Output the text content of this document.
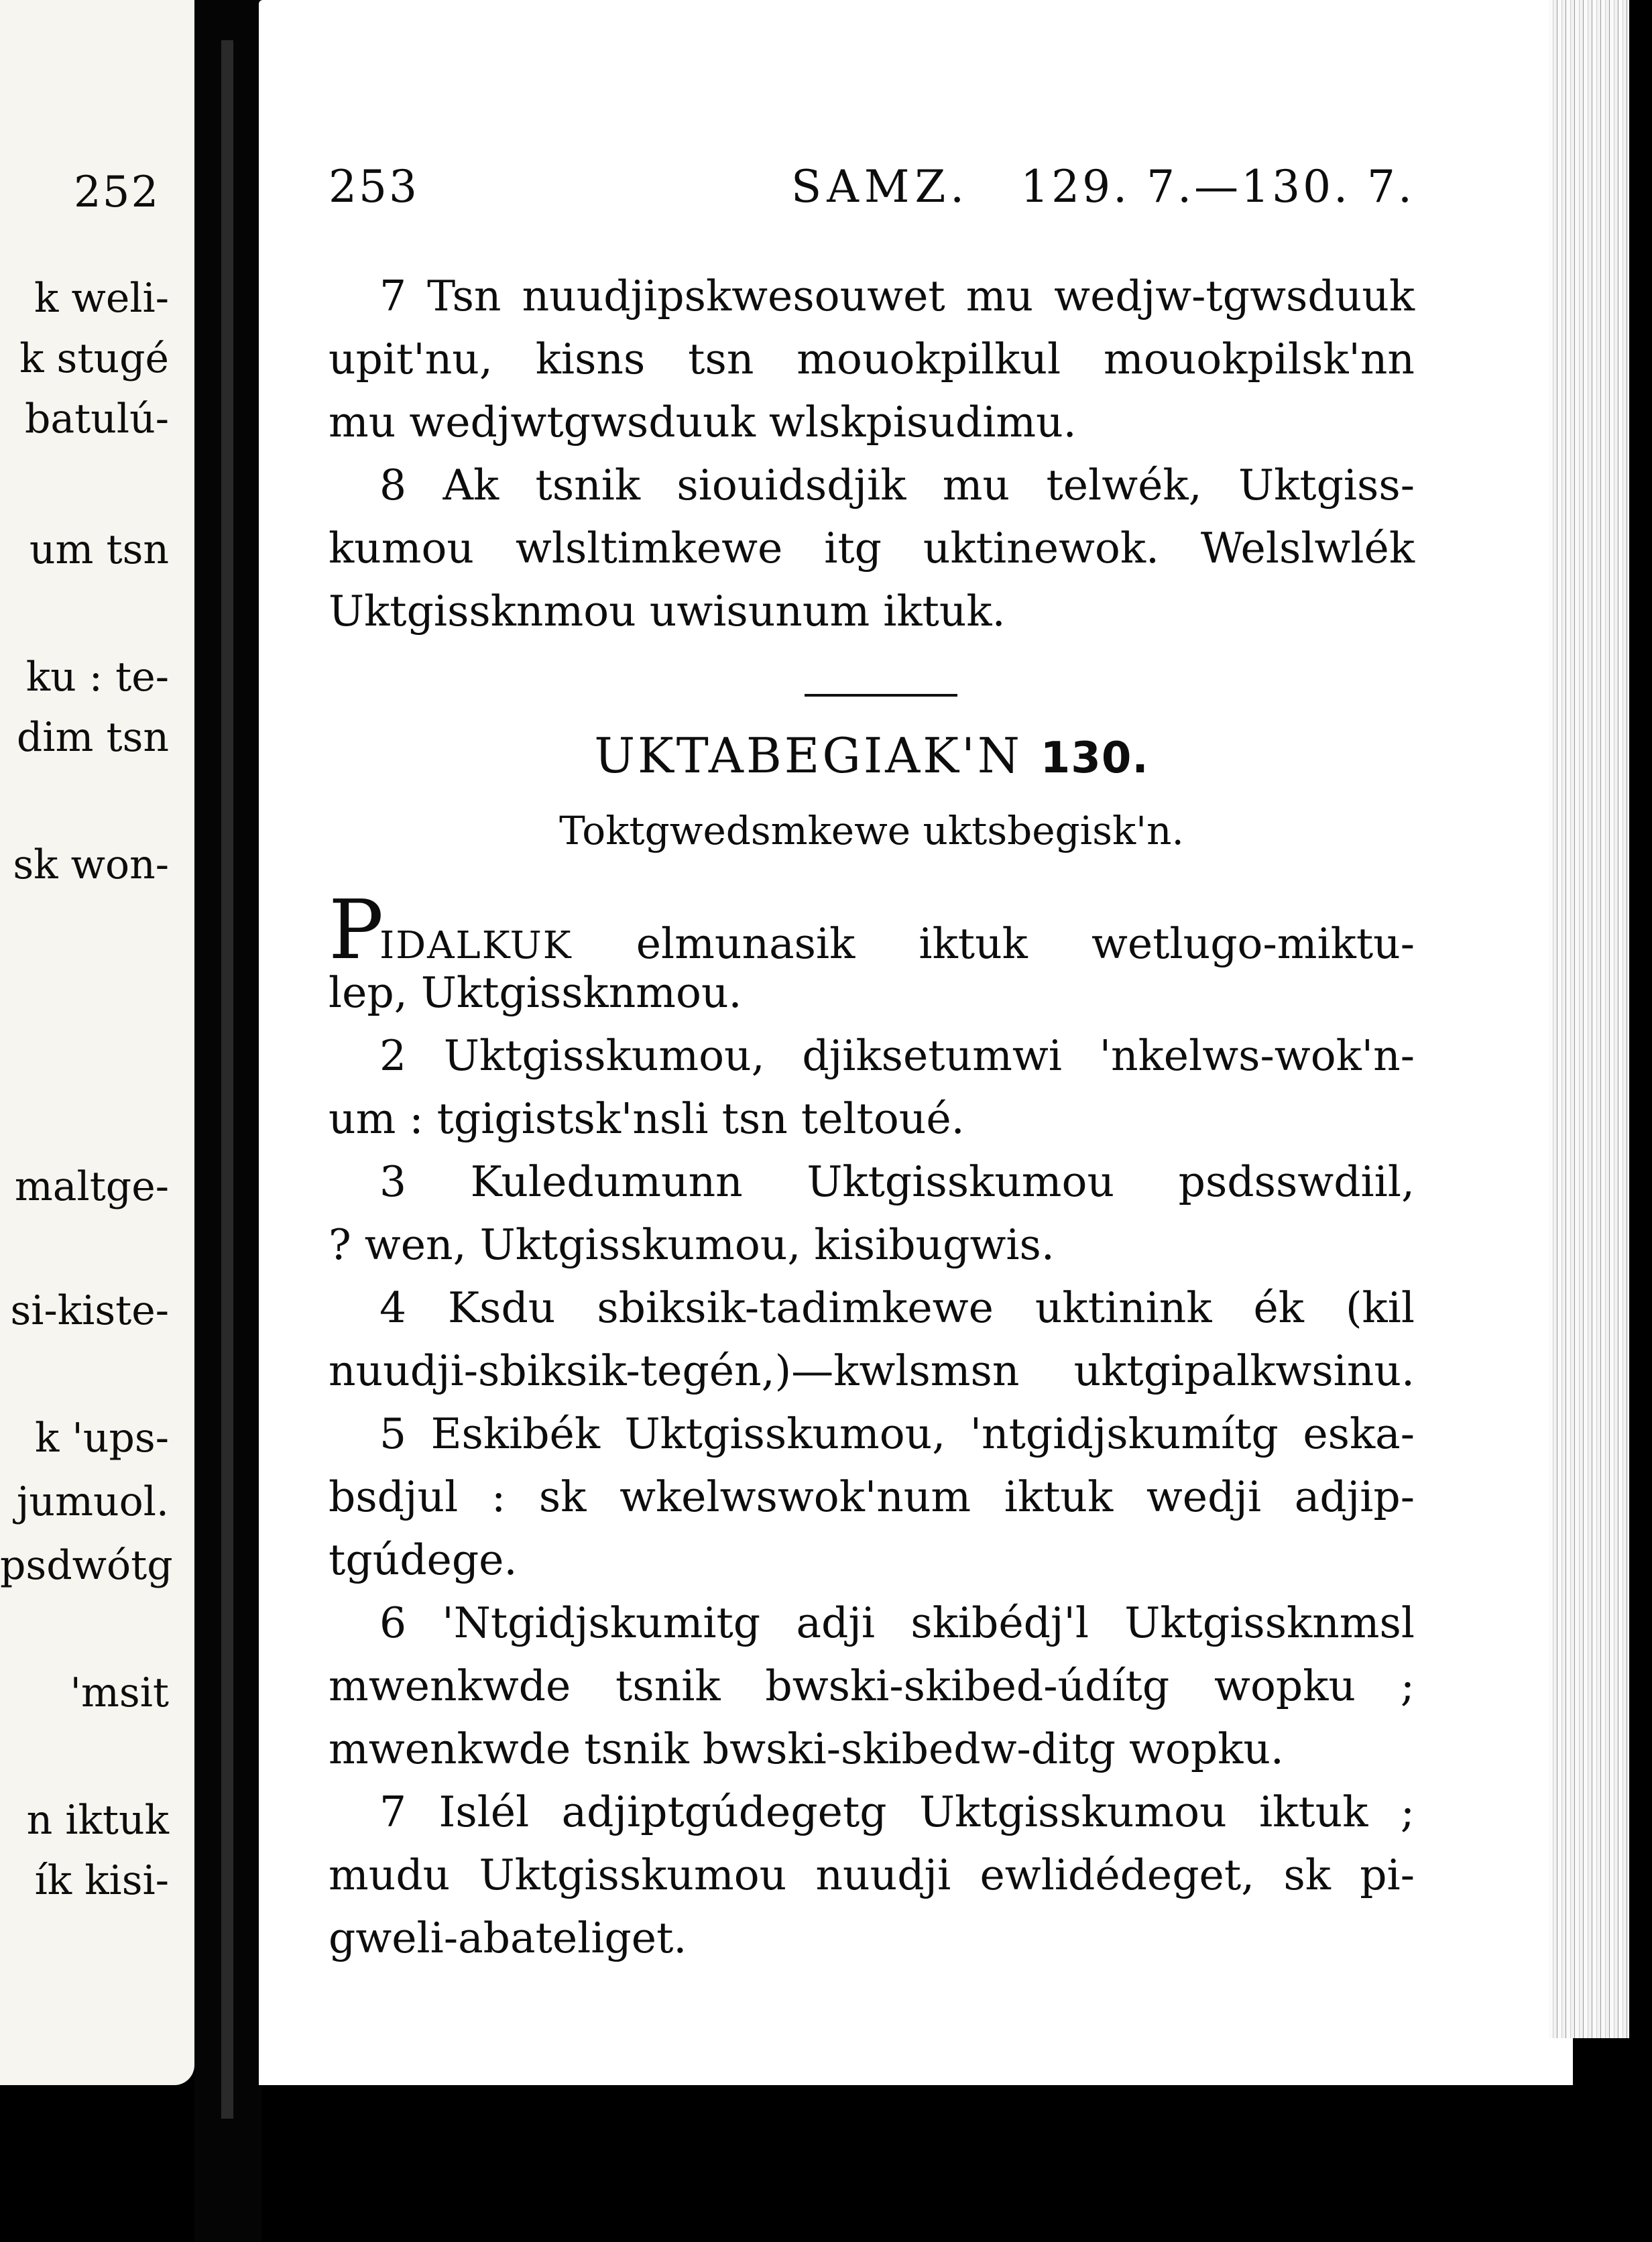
252
k weli-
k stugé
batulú-
um tsn
ku : te-
dim tsn
sk won-
maltge-
si-kiste-
k 'ups-
jumuol.
psdwótg
'msit
n iktuk
ík kisi-
253	SAMZ. 129. 7.—130. 7.
7 Tsn nuudjipskwesouwet mu wedjw-tgwsduuk
upit'nu, kisns tsn mouokpilkul mouokpilsk'nn
mu wedjwtgwsduuk wlskpisudimu.
8 Ak tsnik siouidsdjik mu telwék, Uktgiss-
kumou wlsltimkewe itg uktinewok. Welslwlék
Uktgissknmou uwisunum iktuk.
UKTABEGIAK'N 130.
Toktgwedsmkewe uktsbegisk'n.
PIDALKUK elmunasik iktuk wetlugo-miktu-
lep, Uktgissknmou.
2 Uktgisskumou, djiksetumwi 'nkelws-wok'n-
um : tgigistsk'nsli tsn teltoué.
3 Kuledumunn Uktgisskumou psdsswdiil,
? wen, Uktgisskumou, kisibugwis.
4 Ksdu sbiksik-tadimkewe uktinink ék (kil
nuudji-sbiksik-tegén,)—kwlsmsn uktgipalkwsinu.
5 Eskibék Uktgisskumou, 'ntgidjskumítg eska-
bsdjul : sk wkelwswok'num iktuk wedji adjip-
tgúdege.
6 'Ntgidjskumitg adji skibédj'l Uktgissknmsl
mwenkwde tsnik bwski-skibed-údítg wopku ;
mwenkwde tsnik bwski-skibedw-ditg wopku.
7 Islél adjiptgúdegetg Uktgisskumou iktuk ;
mudu Uktgisskumou nuudji ewlidédeget, sk pi-
gweli-abateliget.
